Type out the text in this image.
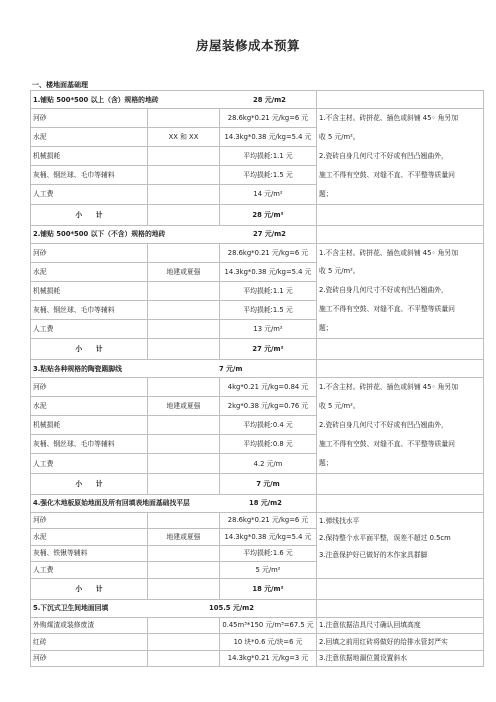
房屋装修成本预算
一、楼地面基础理
1.铺贴 500*500 以上（含）规格的地砖 28 元/m2			

河砂		28.6kg*0.21 元/kg=6 元	1.不含主材。砖拼花、插色或斜铺 45◦ 角另加
收 5 元/m²。
2.瓷砖自身几何尺寸不好或有凹凸翘曲外，
施工不得有空鼓、对缝不直、不平整等质量问
题；

水泥	XX 和 XX	14.3kg*0.38 元/kg=5.4 元	
机械损耗		平均损耗:1.1 元	
灰桶、钢丝球、毛巾等辅料		平均损耗:1.5 元	
人工费		14 元/m²	
小　　计		28 元/m²	
2.铺贴 500*500 以下（不含）规格的地砖 27 元/m2			

河砂		28.6kg*0.21 元/kg=6 元	1.不含主材。砖拼花、插色或斜铺 45◦ 角另加
收 5 元/m²。
2.瓷砖自身几何尺寸不好或有凹凸翘曲外，
施工不得有空鼓、对缝不直、不平整等质量问
题；

水泥	地建或夏强	14.3kg*0.38 元/kg=5.4 元	
机械损耗		平均损耗:1.1 元	
灰桶、钢丝球、毛巾等辅料		平均损耗:1.5 元	
人工费		13 元/m²	
小　　计		27 元/m²	
3.粘贴各种规格的陶瓷踢脚线 7 元/m			

河砂		4kg*0.21 元/kg=0.84 元	1.不含主材。砖拼花、插色或斜铺 45◦ 角另加
收 5 元/m²。
2.瓷砖自身几何尺寸不好或有凹凸翘曲外，
施工不得有空鼓、对缝不直、不平整等质量问
题；

水泥	地建或夏强	2kg*0.38 元/kg=0.76 元	
机械损耗		平均损耗:0.4 元	
灰桶、钢丝球、毛巾等辅料		平均损耗:0.8 元	
人工费		4.2 元/m	
小　　计		7 元/m	
4.强化木地板原始地面及所有回填表地面基础找平层 18 元/m2			

河砂		28.6kg*0.21 元/kg=6 元	1.弹线找水平
2.保持整个水平面平整，误差不超过 0.5cm
3.注意保护好已做好的木作家具群脚

水泥	地建或夏强	14.3kg*0.38 元/kg=5.4 元	
灰桶、铁锹等辅料		平均损耗:1.6 元	
人工费		5 元/m²	
小　　计		18 元/m²	
5.下沉式卫生间地面回填 105.5 元/m2			

外购煤渣或装修废渣		0.45m³*150 元/m³=67.5 元	1.注意依据洁具尺寸确认回填高度
红砖		10 块*0.6 元/块=6 元	2.回填之前用红砖将做好的给排水管封严实
河砂		14.3kg*0.21 元/kg=3 元	3.注意依据地漏位置设置斜水
